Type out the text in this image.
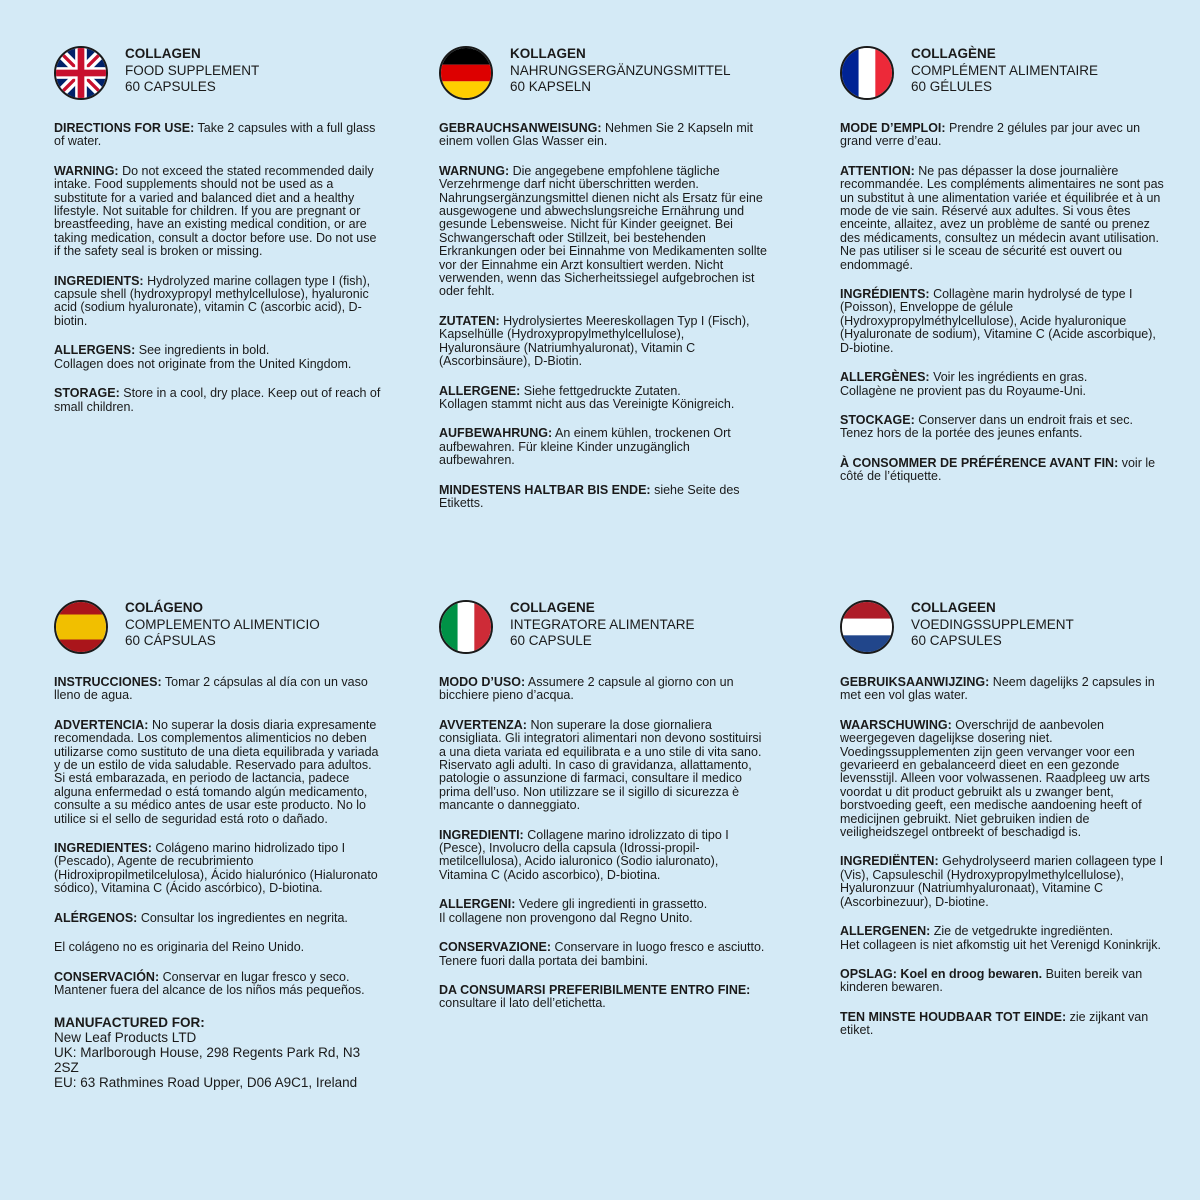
COLLAGEN
FOOD SUPPLEMENT
60 CAPSULES

DIRECTIONS FOR USE: Take 2 capsules with a full glass of water.

WARNING: Do not exceed the stated recommended daily intake. Food supplements should not be used as a substitute for a varied and balanced diet and a healthy lifestyle. Not suitable for children. If you are pregnant or breastfeeding, have an existing medical condition, or are taking medication, consult a doctor before use. Do not use if the safety seal is broken or missing.

INGREDIENTS: Hydrolyzed marine collagen type I (fish), capsule shell (hydroxypropyl methylcellulose), hyaluronic acid (sodium hyaluronate), vitamin C (ascorbic acid), D-biotin.

ALLERGENS: See ingredients in bold.
Collagen does not originate from the United Kingdom.

STORAGE: Store in a cool, dry place. Keep out of reach of small children.

KOLLAGEN
NAHRUNGSERGÄNZUNGSMITTEL
60 KAPSELN

GEBRAUCHSANWEISUNG: Nehmen Sie 2 Kapseln mit einem vollen Glas Wasser ein.

WARNUNG: Die angegebene empfohlene tägliche Verzehrmenge darf nicht überschritten werden. Nahrungsergänzungsmittel dienen nicht als Ersatz für eine ausgewogene und abwechslungsreiche Ernährung und gesunde Lebensweise. Nicht für Kinder geeignet. Bei Schwangerschaft oder Stillzeit, bei bestehenden Erkrankungen oder bei Einnahme von Medikamenten sollte vor der Einnahme ein Arzt konsultiert werden. Nicht verwenden, wenn das Sicherheitssiegel aufgebrochen ist oder fehlt.

ZUTATEN: Hydrolysiertes Meereskollagen Typ I (Fisch), Kapselhülle (Hydroxypropylmethylcellulose), Hyaluronsäure (Natriumhyaluronat), Vitamin C (Ascorbinsäure), D-Biotin.

ALLERGENE: Siehe fettgedruckte Zutaten.
Kollagen stammt nicht aus das Vereinigte Königreich.

AUFBEWAHRUNG: An einem kühlen, trockenen Ort aufbewahren. Für kleine Kinder unzugänglich aufbewahren.

MINDESTENS HALTBAR BIS ENDE: siehe Seite des Etiketts.

COLLAGÈNE
COMPLÉMENT ALIMENTAIRE
60 GÉLULES

MODE D’EMPLOI: Prendre 2 gélules par jour avec un grand verre d’eau.

ATTENTION: Ne pas dépasser la dose journalière recommandée. Les compléments alimentaires ne sont pas un substitut à une alimentation variée et équilibrée et à un mode de vie sain. Réservé aux adultes. Si vous êtes enceinte, allaitez, avez un problème de santé ou prenez des médicaments, consultez un médecin avant utilisation. Ne pas utiliser si le sceau de sécurité est ouvert ou endommagé.

INGRÉDIENTS: Collagène marin hydrolysé de type I (Poisson), Enveloppe de gélule (Hydroxypropylméthylcellulose), Acide hyaluronique (Hyaluronate de sodium), Vitamine C (Acide ascorbique), D-biotine.

ALLERGÈNES: Voir les ingrédients en gras.
Collagène ne provient pas du Royaume-Uni.

STOCKAGE: Conserver dans un endroit frais et sec. Tenez hors de la portée des jeunes enfants.

À CONSOMMER DE PRÉFÉRENCE AVANT FIN: voir le côté de l’étiquette.

COLÁGENO
COMPLEMENTO ALIMENTICIO
60 CÁPSULAS

INSTRUCCIONES: Tomar 2 cápsulas al día con un vaso lleno de agua.

ADVERTENCIA: No superar la dosis diaria expresamente recomendada. Los complementos alimenticios no deben utilizarse como sustituto de una dieta equilibrada y variada y de un estilo de vida saludable. Reservado para adultos. Si está embarazada, en periodo de lactancia, padece alguna enfermedad o está tomando algún medicamento, consulte a su médico antes de usar este producto. No lo utilice si el sello de seguridad está roto o dañado.

INGREDIENTES: Colágeno marino hidrolizado tipo I (Pescado), Agente de recubrimiento (Hidroxipropilmetilcelulosa), Ácido hialurónico (Hialuronato sódico), Vitamina C (Ácido ascórbico), D-biotina.

ALÉRGENOS: Consultar los ingredientes en negrita.

El colágeno no es originaria del Reino Unido.

CONSERVACIÓN: Conservar en lugar fresco y seco. Mantener fuera del alcance de los niños más pequeños.

MANUFACTURED FOR:
New Leaf Products LTD
UK: Marlborough House, 298 Regents Park Rd, N3 2SZ
EU: 63 Rathmines Road Upper, D06 A9C1, Ireland
COLLAGENE
INTEGRATORE ALIMENTARE
60 CAPSULE

MODO D’USO: Assumere 2 capsule al giorno con un bicchiere pieno d’acqua.

AVVERTENZA: Non superare la dose giornaliera consigliata. Gli integratori alimentari non devono sostituirsi a una dieta variata ed equilibrata e a uno stile di vita sano. Riservato agli adulti. In caso di gravidanza, allattamento, patologie o assunzione di farmaci, consultare il medico prima dell’uso. Non utilizzare se il sigillo di sicurezza è mancante o danneggiato.

INGREDIENTI: Collagene marino idrolizzato di tipo I (Pesce), Involucro della capsula (Idrossi-propil-metilcellulosa), Acido ialuronico (Sodio ialuronato), Vitamina C (Acido ascorbico), D-biotina.

ALLERGENI: Vedere gli ingredienti in grassetto.
Il collagene non provengono dal Regno Unito.

CONSERVAZIONE: Conservare in luogo fresco e asciutto. Tenere fuori dalla portata dei bambini.

DA CONSUMARSI PREFERIBILMENTE ENTRO FINE: consultare il lato dell’etichetta.

COLLAGEEN
VOEDINGSSUPPLEMENT
60 CAPSULES

GEBRUIKSAANWIJZING: Neem dagelijks 2 capsules in met een vol glas water.

WAARSCHUWING: Overschrijd de aanbevolen weergegeven dagelijkse dosering niet. Voedingssupplementen zijn geen vervanger voor een gevarieerd en gebalanceerd dieet en een gezonde levensstijl. Alleen voor volwassenen. Raadpleeg uw arts voordat u dit product gebruikt als u zwanger bent, borstvoeding geeft, een medische aandoening heeft of medicijnen gebruikt. Niet gebruiken indien de veiligheidszegel ontbreekt of beschadigd is.

INGREDIËNTEN: Gehydrolyseerd marien collageen type I (Vis), Capsuleschil (Hydroxypropylmethylcellulose), Hyaluronzuur (Natriumhyaluronaat), Vitamine C (Ascorbinezuur), D-biotine.

ALLERGENEN: Zie de vetgedrukte ingrediënten.
Het collageen is niet afkomstig uit het Verenigd Koninkrijk.

OPSLAG: Koel en droog bewaren. Buiten bereik van kinderen bewaren.

TEN MINSTE HOUDBAAR TOT EINDE: zie zijkant van etiket.
